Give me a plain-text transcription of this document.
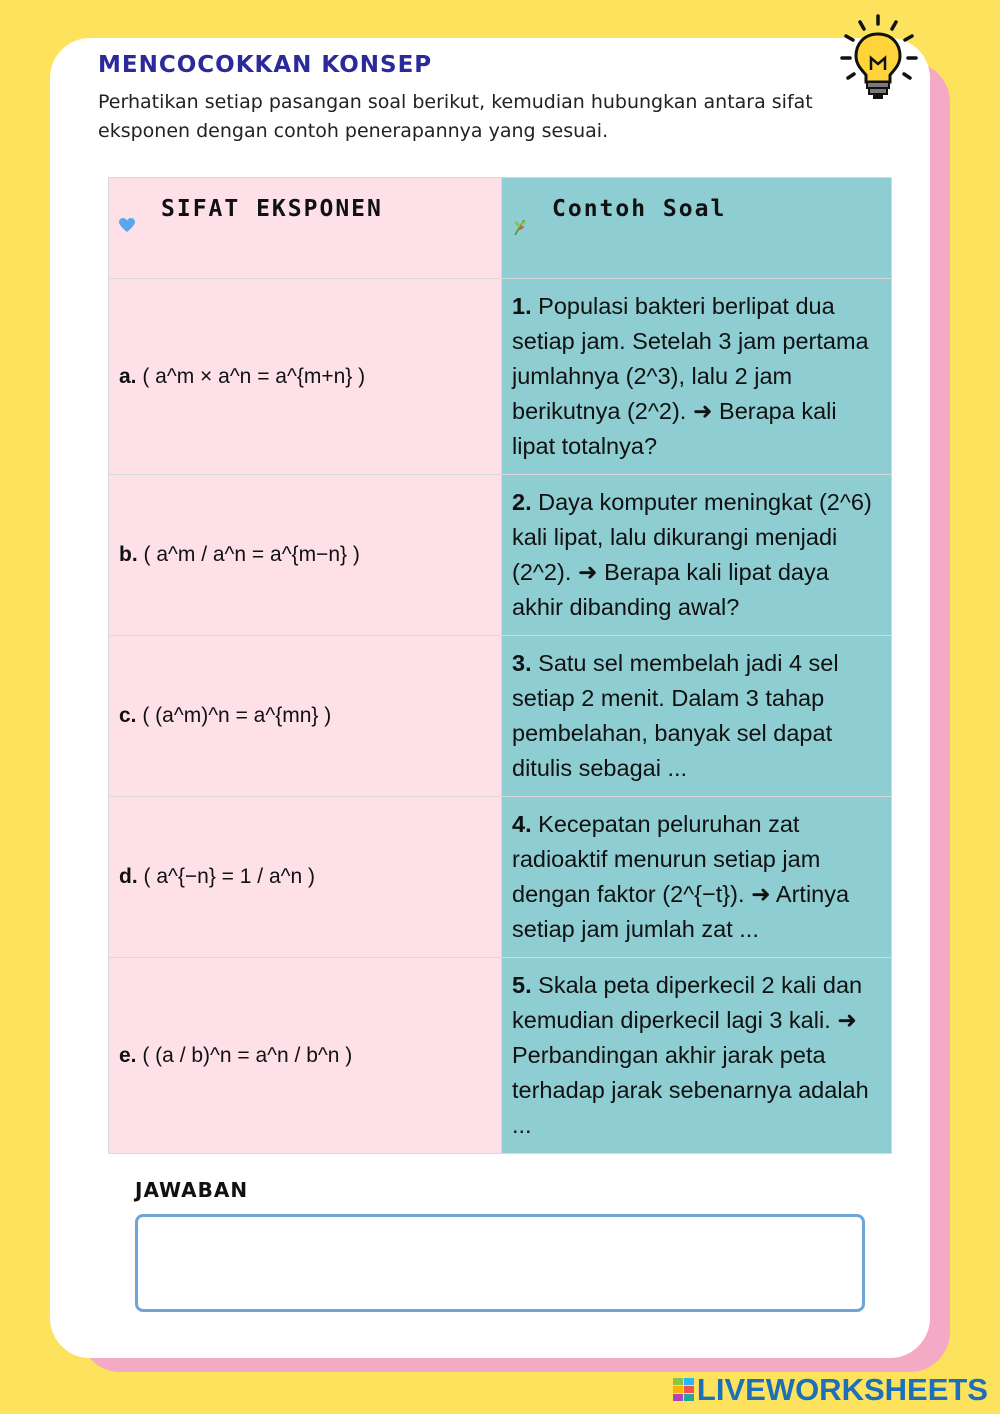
MENCOCOKKAN KONSEP

Perhatikan setiap pasangan soal berikut, kemudian hubungkan antara sifat eksponen dengan contoh penerapannya yang sesuai.

SIFAT EKSPONEN	Contoh Soal

a. ( a^m × a^n = a^{m+n} )	1. Populasi bakteri berlipat dua setiap jam. Setelah 3 jam pertama jumlahnya (2^3), lalu 2 jam berikutnya (2^2). ➜ Berapa kali lipat totalnya?

b. ( a^m / a^n = a^{m−n} )	2. Daya komputer meningkat (2^6) kali lipat, lalu dikurangi menjadi (2^2). ➜ Berapa kali lipat daya akhir dibanding awal?

c. ( (a^m)^n = a^{mn} )	3. Satu sel membelah jadi 4 sel setiap 2 menit. Dalam 3 tahap pembelahan, banyak sel dapat ditulis sebagai ...

d. ( a^{−n} = 1 / a^n )	4. Kecepatan peluruhan zat radioaktif menurun setiap jam dengan faktor (2^{−t}). ➜ Artinya setiap jam jumlah zat ...

e. ( (a / b)^n = a^n / b^n )	5. Skala peta diperkecil 2 kali dan kemudian diperkecil lagi 3 kali. ➜ Perbandingan akhir jarak peta terhadap jarak sebenarnya adalah ...

JAWABAN

LIVEWORKSHEETS
